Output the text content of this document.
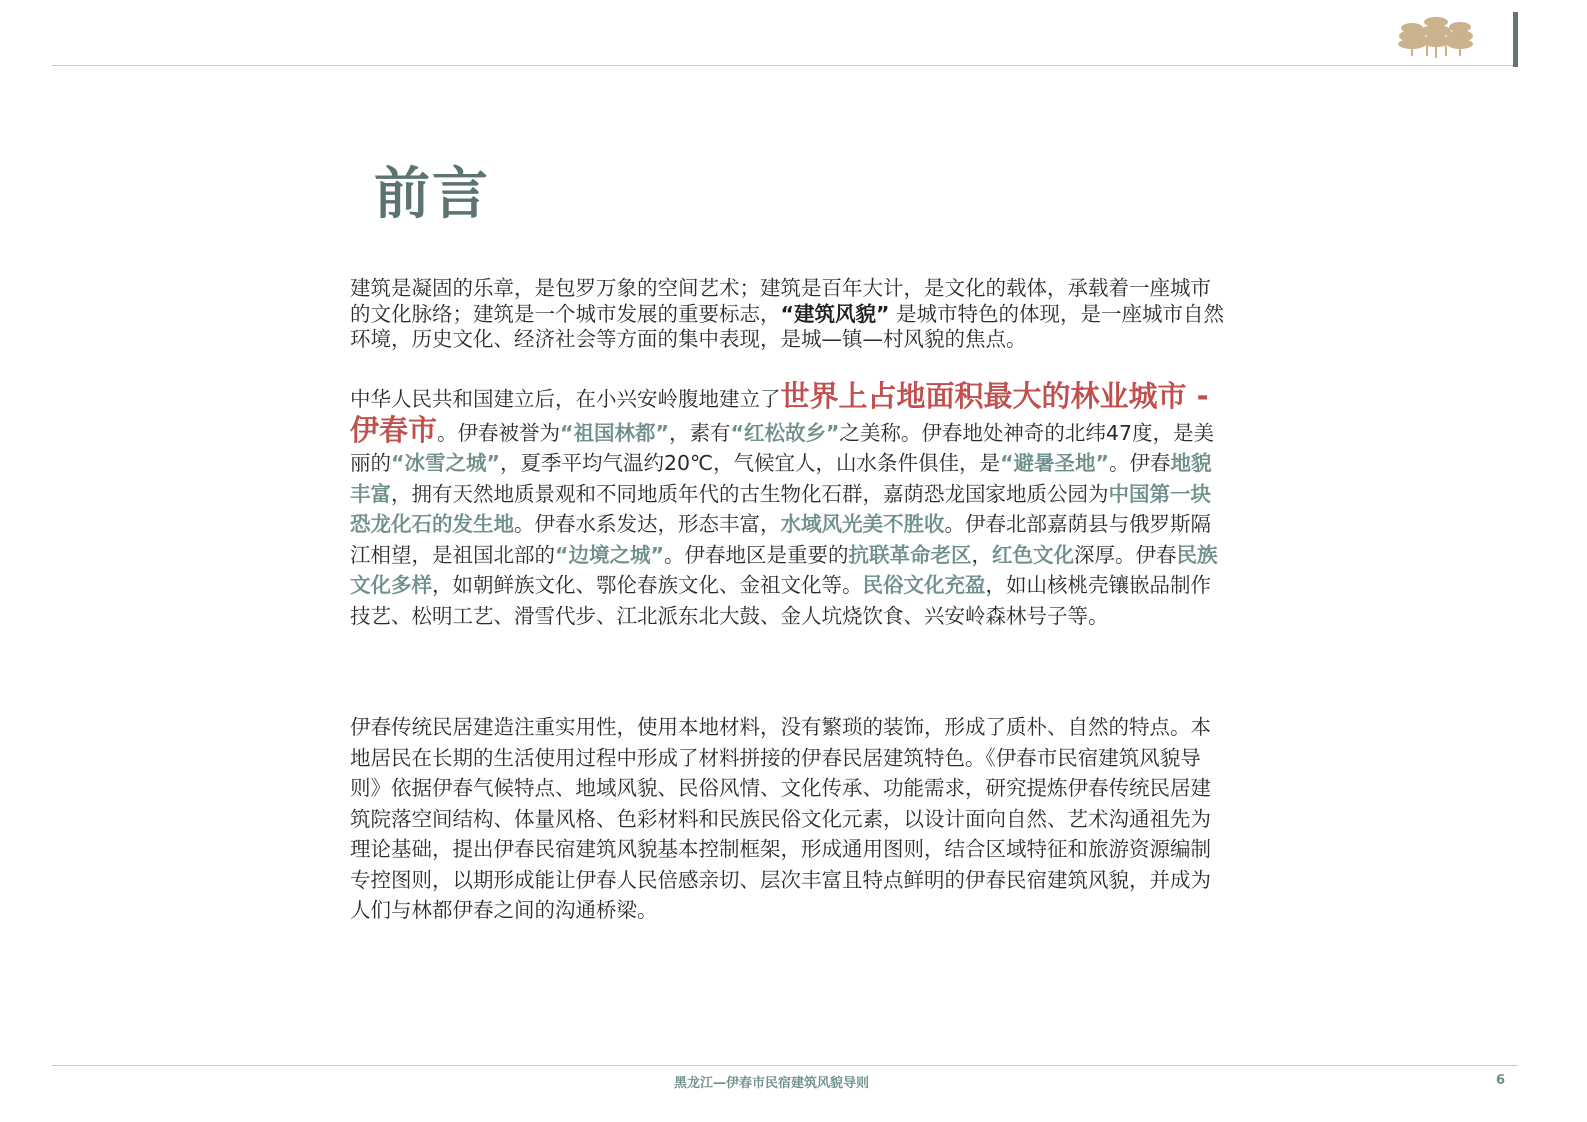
前言

建筑是凝固的乐章，是包罗万象的空间艺术；建筑是百年大计，是文化的载体，承载着一座城市的文化脉络；建筑是一个城市发展的重要标志，“建筑风貌” 是城市特色的体现，是一座城市自然环境，历史文化、经济社会等方面的集中表现，是城—镇—村风貌的焦点。

中华人民共和国建立后，在小兴安岭腹地建立了世界上占地面积最大的林业城市 - 伊春市。伊春被誉为“祖国林都”，素有“红松故乡”之美称。伊春地处神奇的北纬47度，是美丽的“冰雪之城”，夏季平均气温约20℃，气候宜人，山水条件俱佳，是“避暑圣地”。伊春地貌丰富，拥有天然地质景观和不同地质年代的古生物化石群，嘉荫恐龙国家地质公园为中国第一块恐龙化石的发生地。伊春水系发达，形态丰富，水域风光美不胜收。伊春北部嘉荫县与俄罗斯隔江相望，是祖国北部的“边境之城”。伊春地区是重要的抗联革命老区，红色文化深厚。伊春民族文化多样，如朝鲜族文化、鄂伦春族文化、金祖文化等。民俗文化充盈，如山核桃壳镶嵌品制作技艺、松明工艺、滑雪代步、江北派东北大鼓、金人坑烧饮食、兴安岭森林号子等。

伊春传统民居建造注重实用性，使用本地材料，没有繁琐的装饰，形成了质朴、自然的特点。本地居民在长期的生活使用过程中形成了材料拼接的伊春民居建筑特色。《伊春市民宿建筑风貌导则》依据伊春气候特点、地域风貌、民俗风情、文化传承、功能需求，研究提炼伊春传统民居建筑院落空间结构、体量风格、色彩材料和民族民俗文化元素，以设计面向自然、艺术沟通祖先为理论基础，提出伊春民宿建筑风貌基本控制框架，形成通用图则，结合区域特征和旅游资源编制专控图则，以期形成能让伊春人民倍感亲切、层次丰富且特点鲜明的伊春民宿建筑风貌，并成为人们与林都伊春之间的沟通桥梁。

黑龙江—伊春市民宿建筑风貌导则	6
